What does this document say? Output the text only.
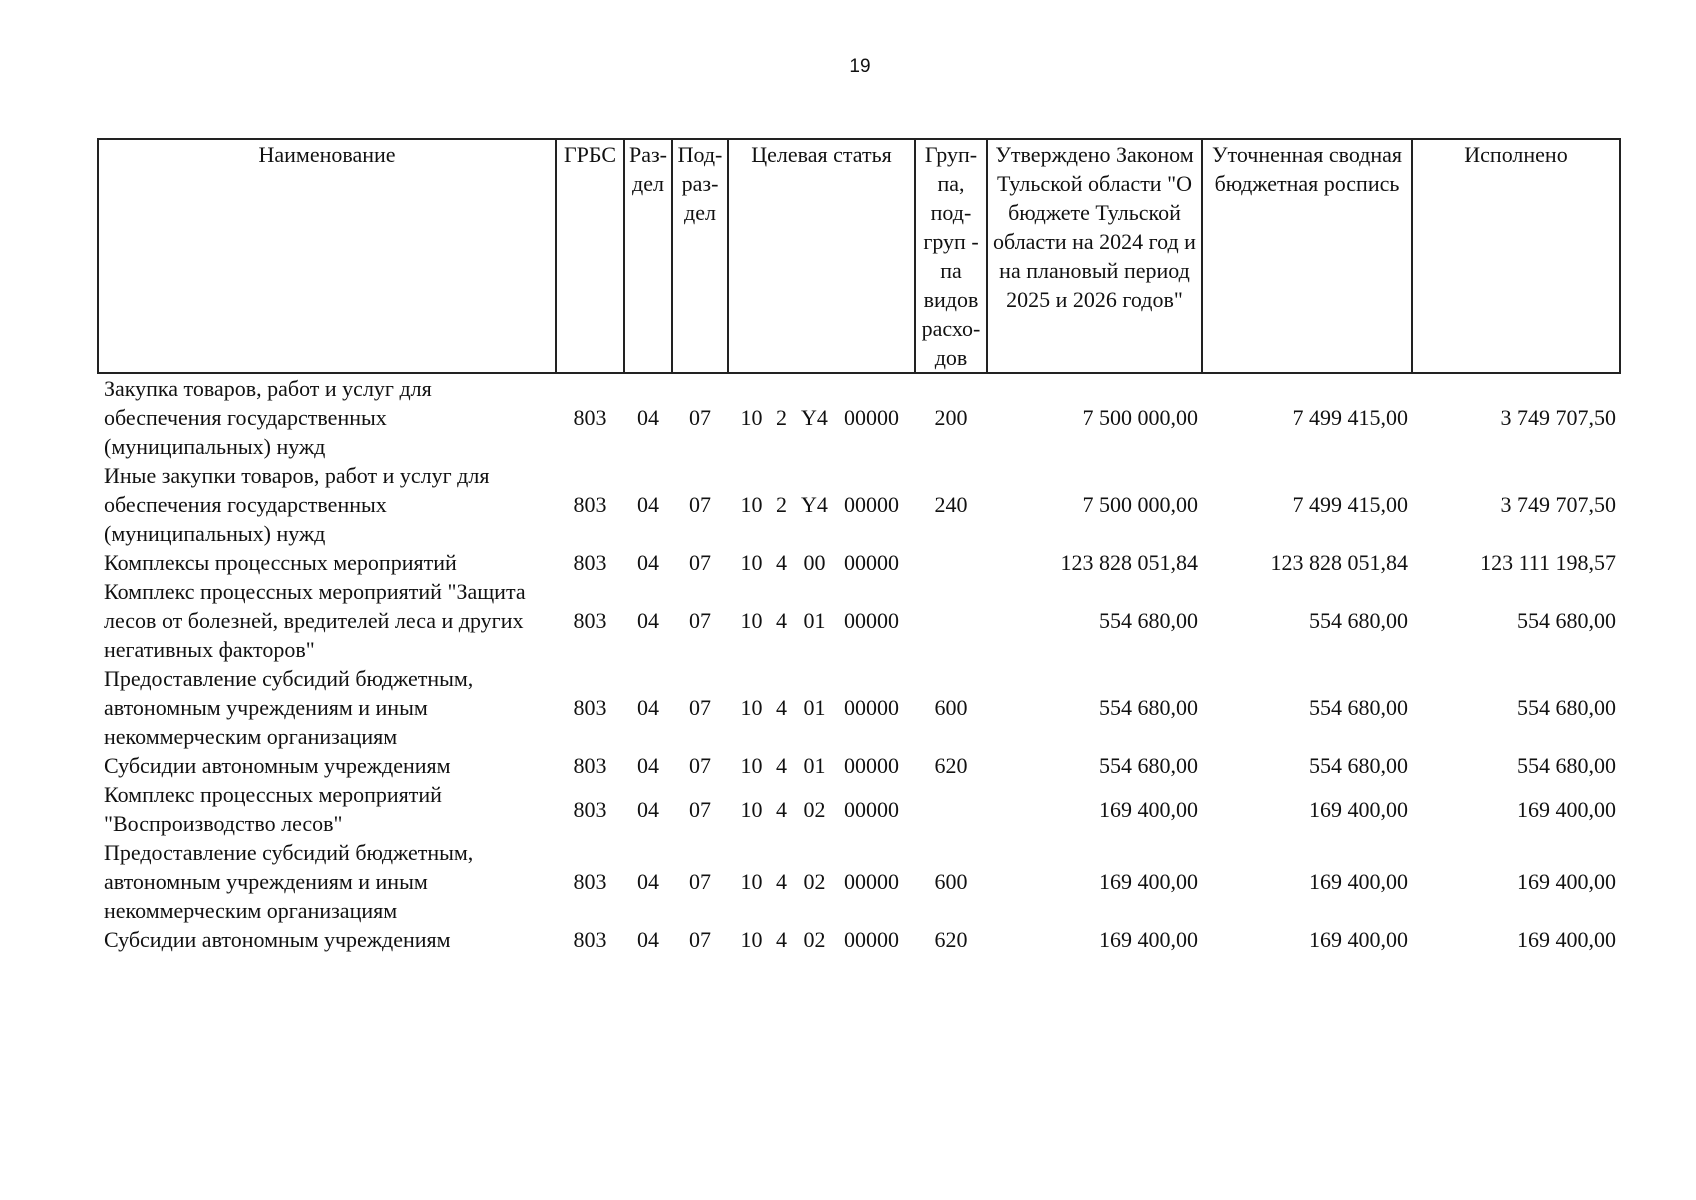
19
Наименование	ГРБС	Раз-дел	Под-раз-дел	Целевая статья	Груп-па, под-груп - па видов расхо-дов	Утверждено Законом Тульской области "О бюджете Тульской области на 2024 год и на плановый период 2025 и 2026 годов"	Уточненная сводная бюджетная роспись	Исполнено
Закупка товаров, работ и услуг для обеспечения государственных (муниципальных) нужд	803	04	07	10 2 Y4 00000	200	7 500 000,00	7 499 415,00	3 749 707,50
Иные закупки товаров, работ и услуг для обеспечения государственных (муниципальных) нужд	803	04	07	10 2 Y4 00000	240	7 500 000,00	7 499 415,00	3 749 707,50
Комплексы процессных мероприятий	803	04	07	10 4 00 00000		123 828 051,84	123 828 051,84	123 111 198,57
Комплекс процессных мероприятий "Защита лесов от болезней, вредителей леса и других негативных факторов"	803	04	07	10 4 01 00000		554 680,00	554 680,00	554 680,00
Предоставление субсидий бюджетным, автономным учреждениям и иным некоммерческим организациям	803	04	07	10 4 01 00000	600	554 680,00	554 680,00	554 680,00
Субсидии автономным учреждениям	803	04	07	10 4 01 00000	620	554 680,00	554 680,00	554 680,00
Комплекс процессных мероприятий "Воспроизводство лесов"	803	04	07	10 4 02 00000		169 400,00	169 400,00	169 400,00
Предоставление субсидий бюджетным, автономным учреждениям и иным некоммерческим организациям	803	04	07	10 4 02 00000	600	169 400,00	169 400,00	169 400,00
Субсидии автономным учреждениям	803	04	07	10 4 02 00000	620	169 400,00	169 400,00	169 400,00
